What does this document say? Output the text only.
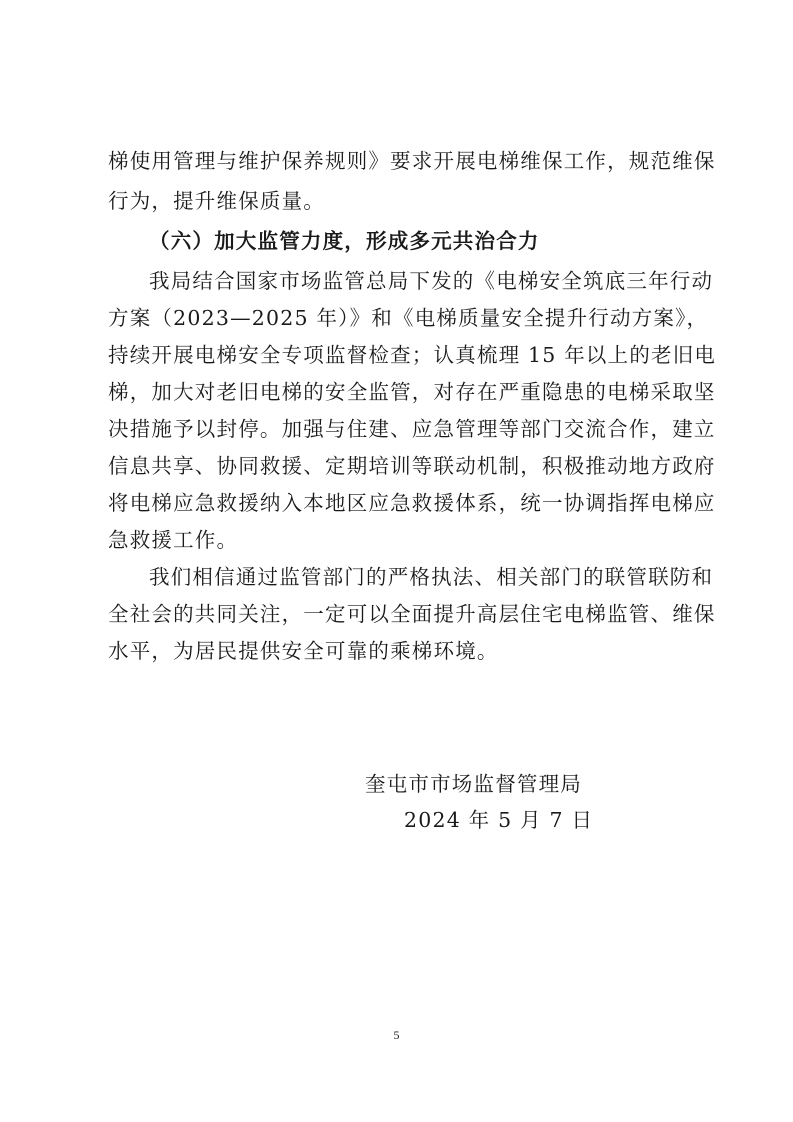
梯使用管理与维护保养规则》要求开展电梯维保工作，规范维保
行为，提升维保质量。
（六）加大监管力度，形成多元共治合力
我局结合国家市场监管总局下发的《电梯安全筑底三年行动
方案（2023—2025 年）》和《电梯质量安全提升行动方案》，
持续开展电梯安全专项监督检查；认真梳理 15 年以上的老旧电
梯，加大对老旧电梯的安全监管，对存在严重隐患的电梯采取坚
决措施予以封停。加强与住建、应急管理等部门交流合作，建立
信息共享、协同救援、定期培训等联动机制，积极推动地方政府
将电梯应急救援纳入本地区应急救援体系，统一协调指挥电梯应
急救援工作。
我们相信通过监管部门的严格执法、相关部门的联管联防和
全社会的共同关注，一定可以全面提升高层住宅电梯监管、维保
水平，为居民提供安全可靠的乘梯环境。
奎屯市市场监督管理局
2024 年 5 月 7 日
5
